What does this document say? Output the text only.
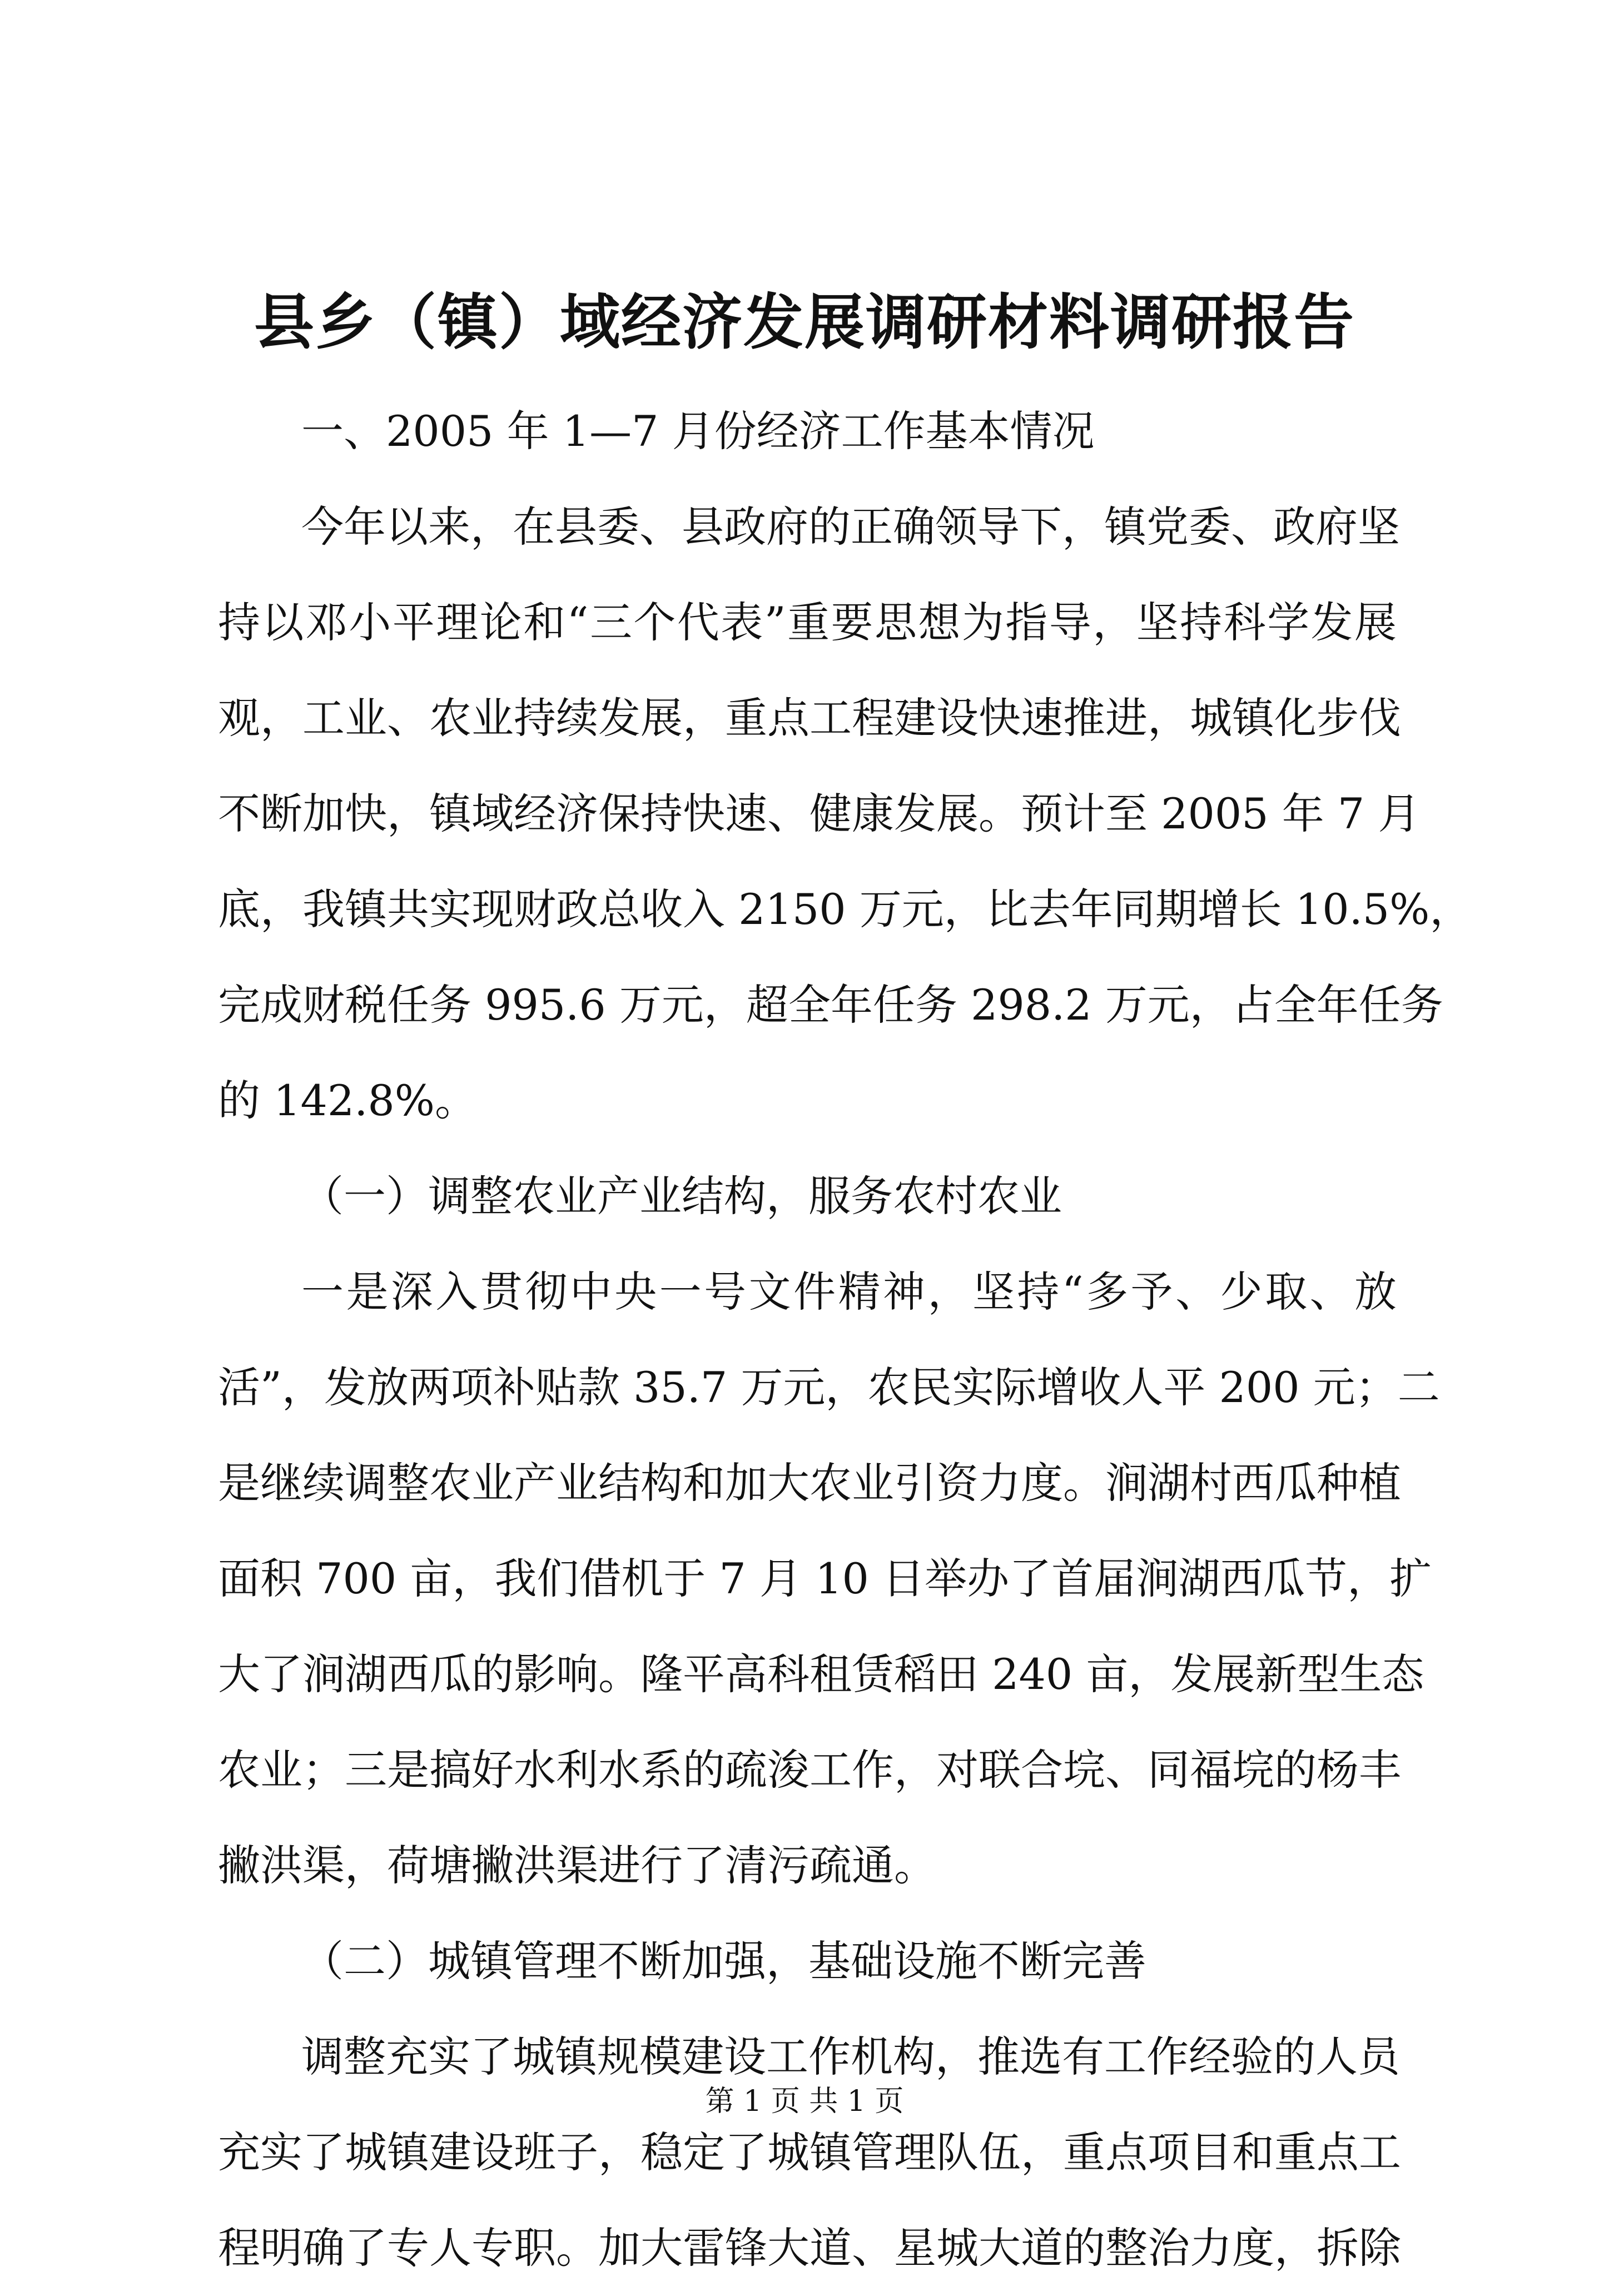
县乡（镇）域经济发展调研材料调研报告
一、2005 年 1—7 月份经济工作基本情况
今年以来，在县委、县政府的正确领导下，镇党委、政府坚
持以邓小平理论和“三个代表”重要思想为指导，坚持科学发展
观，工业、农业持续发展，重点工程建设快速推进，城镇化步伐
不断加快，镇域经济保持快速、健康发展。预计至 2005 年 7 月
底，我镇共实现财政总收入 2150 万元，比去年同期增长 10.5%，
完成财税任务 995.6 万元，超全年任务 298.2 万元，占全年任务
的 142.8%。
（一）调整农业产业结构，服务农村农业
一是深入贯彻中央一号文件精神，坚持“多予、少取、放
活”，发放两项补贴款 35.7 万元，农民实际增收人平 200 元；二
是继续调整农业产业结构和加大农业引资力度。涧湖村西瓜种植
面积 700 亩，我们借机于 7 月 10 日举办了首届涧湖西瓜节，扩
大了涧湖西瓜的影响。隆平高科租赁稻田 240 亩，发展新型生态
农业；三是搞好水利水系的疏浚工作，对联合垸、同福垸的杨丰
撇洪渠，荷塘撇洪渠进行了清污疏通。
（二）城镇管理不断加强，基础设施不断完善
调整充实了城镇规模建设工作机构，推选有工作经验的人员
充实了城镇建设班子，稳定了城镇管理队伍，重点项目和重点工
程明确了专人专职。加大雷锋大道、星城大道的整治力度，拆除
第 1 页 共 1 页
